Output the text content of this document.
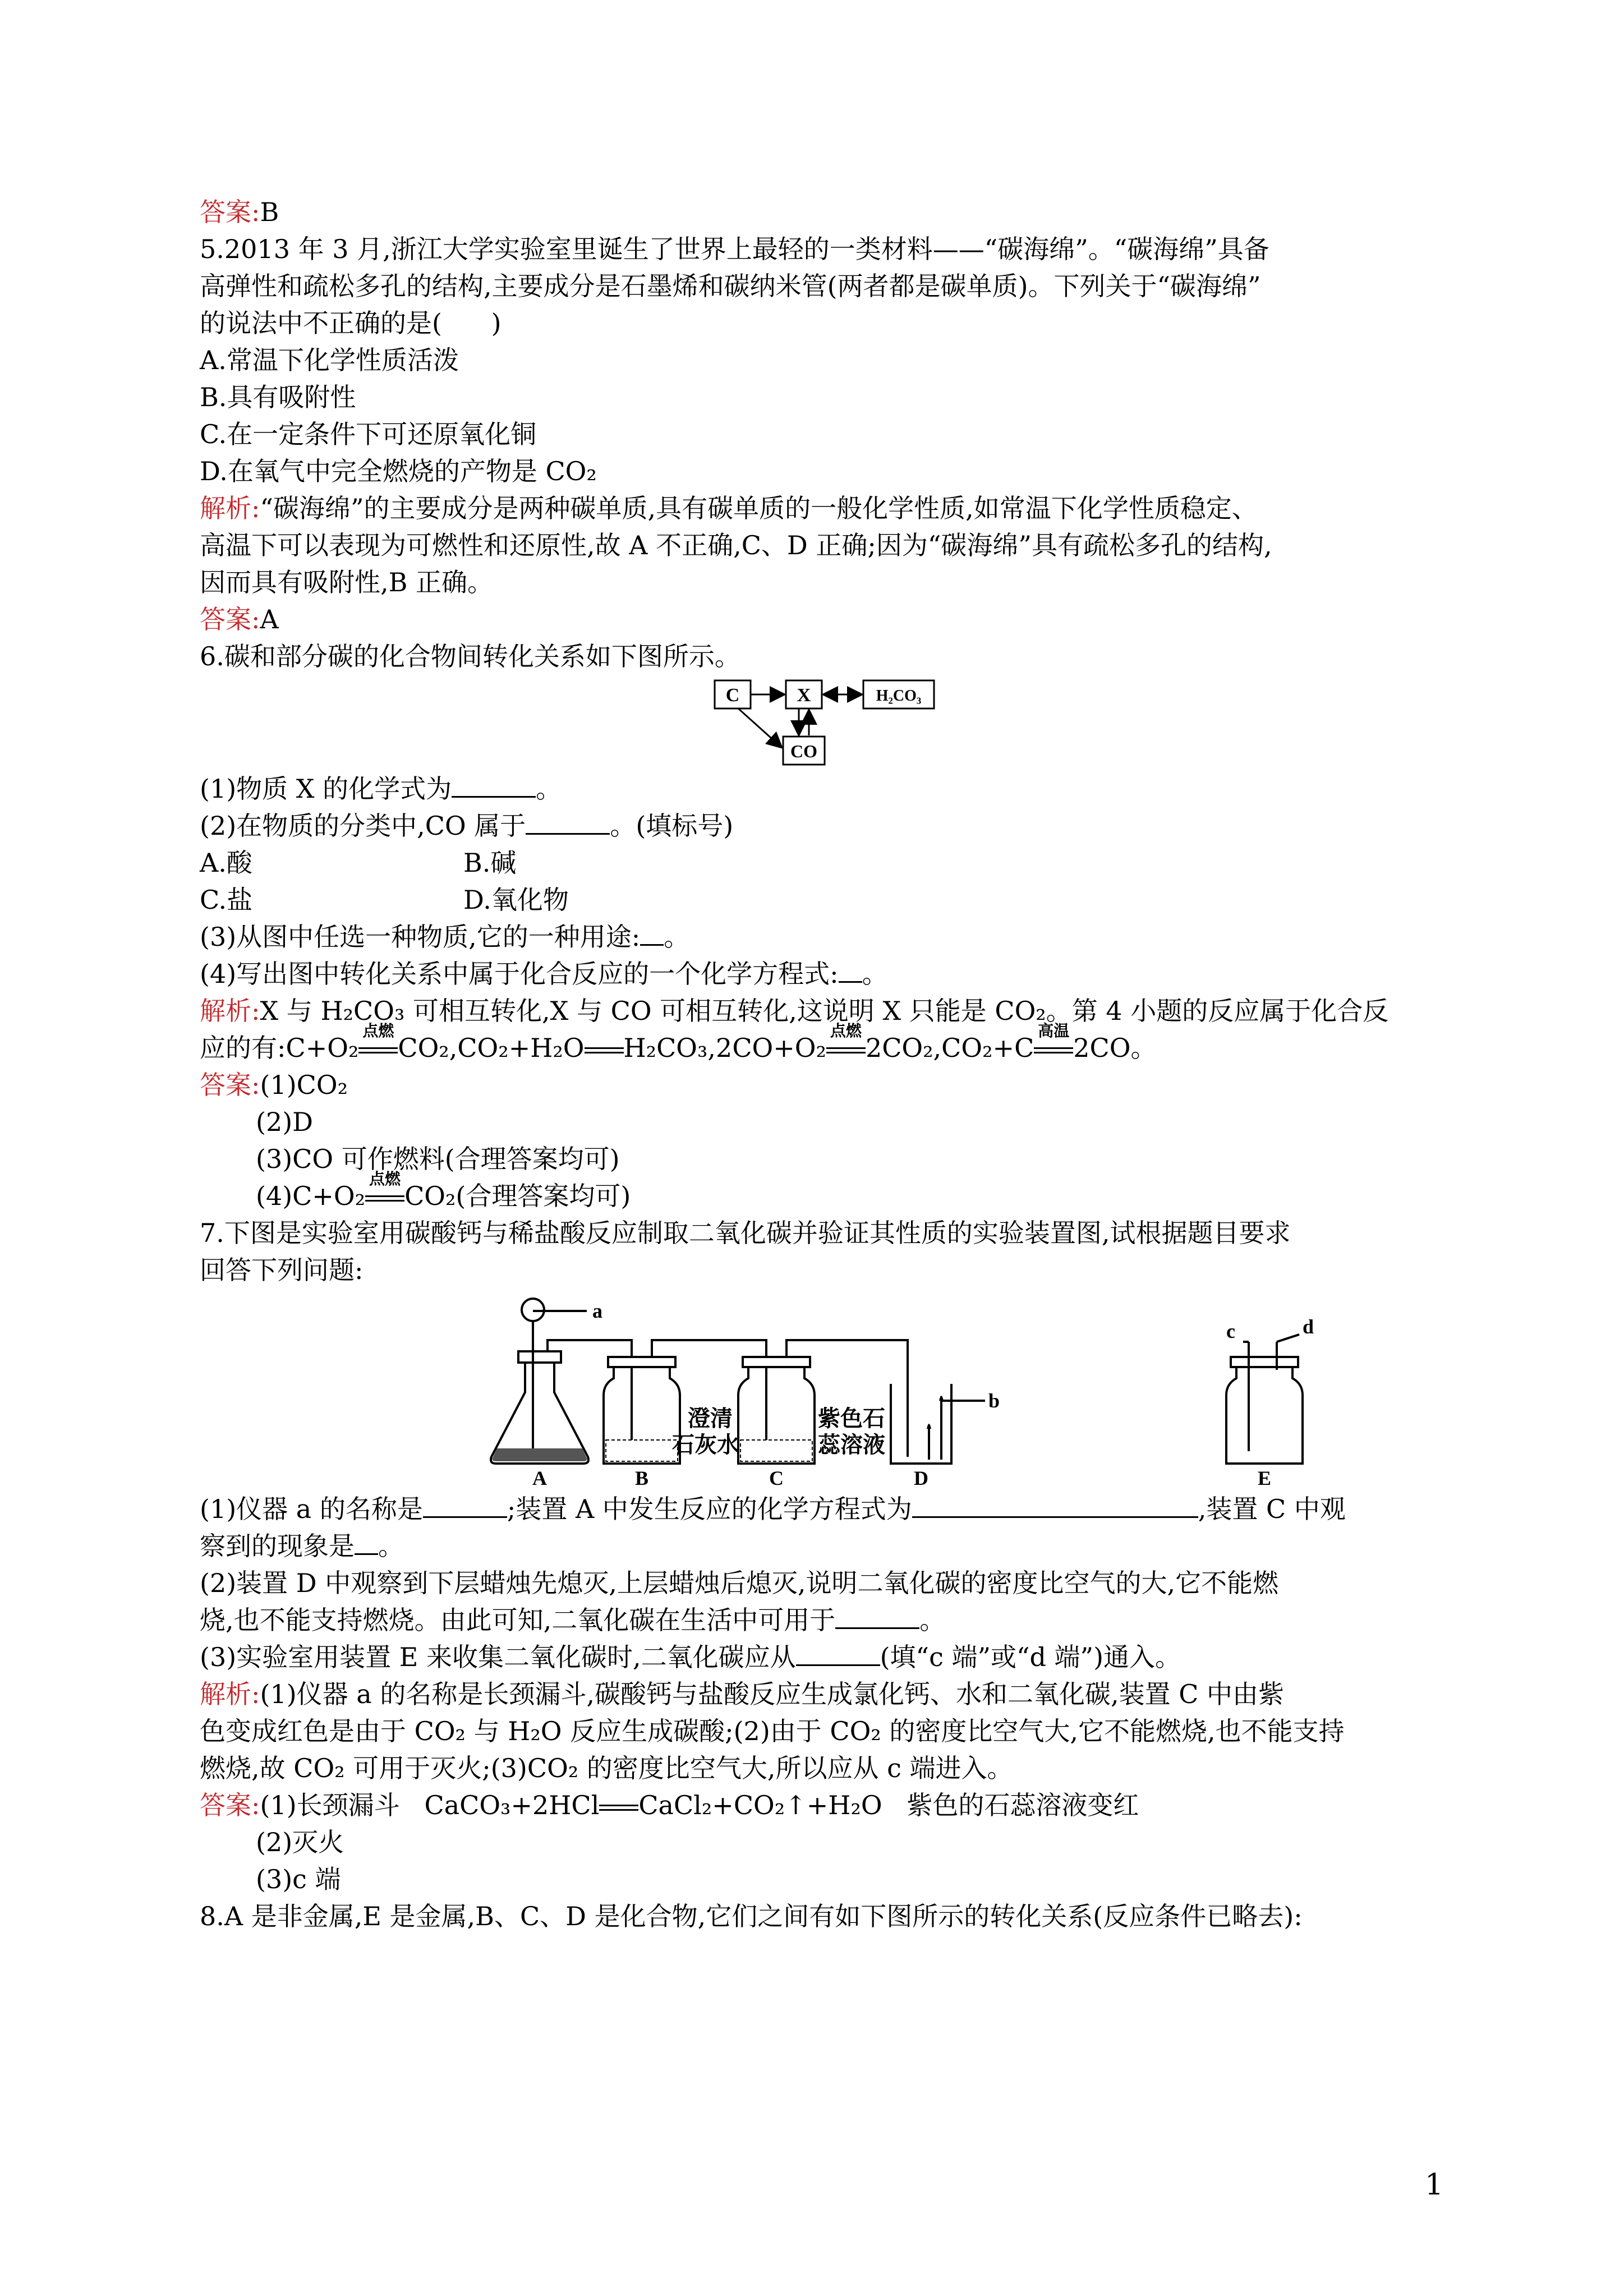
答案:B
5.2013 年 3 月,浙江大学实验室里诞生了世界上最轻的一类材料——“碳海绵”。“碳海绵”具备
高弹性和疏松多孔的结构,主要成分是石墨烯和碳纳米管(两者都是碳单质)。下列关于“碳海绵”
的说法中不正确的是(      )
A.常温下化学性质活泼
B.具有吸附性
C.在一定条件下可还原氧化铜
D.在氧气中完全燃烧的产物是 CO₂
解析:“碳海绵”的主要成分是两种碳单质,具有碳单质的一般化学性质,如常温下化学性质稳定、
高温下可以表现为可燃性和还原性,故 A 不正确,C、D 正确;因为“碳海绵”具有疏松多孔的结构,
因而具有吸附性,B 正确。
答案:A
6.碳和部分碳的化合物间转化关系如下图所示。
C	X	H₂CO₃
CO
(1)物质 X 的化学式为	。
(2)在物质的分类中,CO 属于	。(填标号)
A.酸	B.碱
C.盐	D.氧化物
(3)从图中任选一种物质,它的一种用途: 。
(4)写出图中转化关系中属于化合反应的一个化学方程式: 。
解析:X 与 H₂CO₃ 可相互转化,X 与 CO 可相互转化,这说明 X 只能是 CO₂。第 4 小题的反应属于化合反
应的有:C+O₂
点燃
CO₂,CO₂+H₂O H₂CO₃,2CO+O₂
点燃
2CO₂,CO₂+C
高温
2CO。
答案:(1)CO₂
(2)D
(3)CO 可作燃料(合理答案均可)
(4)C+O₂
点燃
CO₂(合理答案均可)
7.下图是实验室用碳酸钙与稀盐酸反应制取二氧化碳并验证其性质的实验装置图,试根据题目要求
回答下列问题:
a
b
c	d
澄清
石灰水
紫色石
蕊溶液
A	B	C	D	E
(1)仪器 a 的名称是	;装置 A 中发生反应的化学方程式为	,装置 C 中观
察到的现象是 。
(2)装置 D 中观察到下层蜡烛先熄灭,上层蜡烛后熄灭,说明二氧化碳的密度比空气的大,它不能燃
烧,也不能支持燃烧。由此可知,二氧化碳在生活中可用于	。
(3)实验室用装置 E 来收集二氧化碳时,二氧化碳应从	(填“c 端”或“d 端”)通入。
解析:(1)仪器 a 的名称是长颈漏斗,碳酸钙与盐酸反应生成氯化钙、水和二氧化碳,装置 C 中由紫
色变成红色是由于 CO₂ 与 H₂O 反应生成碳酸;(2)由于 CO₂ 的密度比空气大,它不能燃烧,也不能支持
燃烧,故 CO₂ 可用于灭火;(3)CO₂ 的密度比空气大,所以应从 c 端进入。
答案:(1)长颈漏斗   CaCO₃+2HCl CaCl₂+CO₂↑+H₂O   紫色的石蕊溶液变红
(2)灭火
(3)c 端
8.A 是非金属,E 是金属,B、C、D 是化合物,它们之间有如下图所示的转化关系(反应条件已略去):
1
